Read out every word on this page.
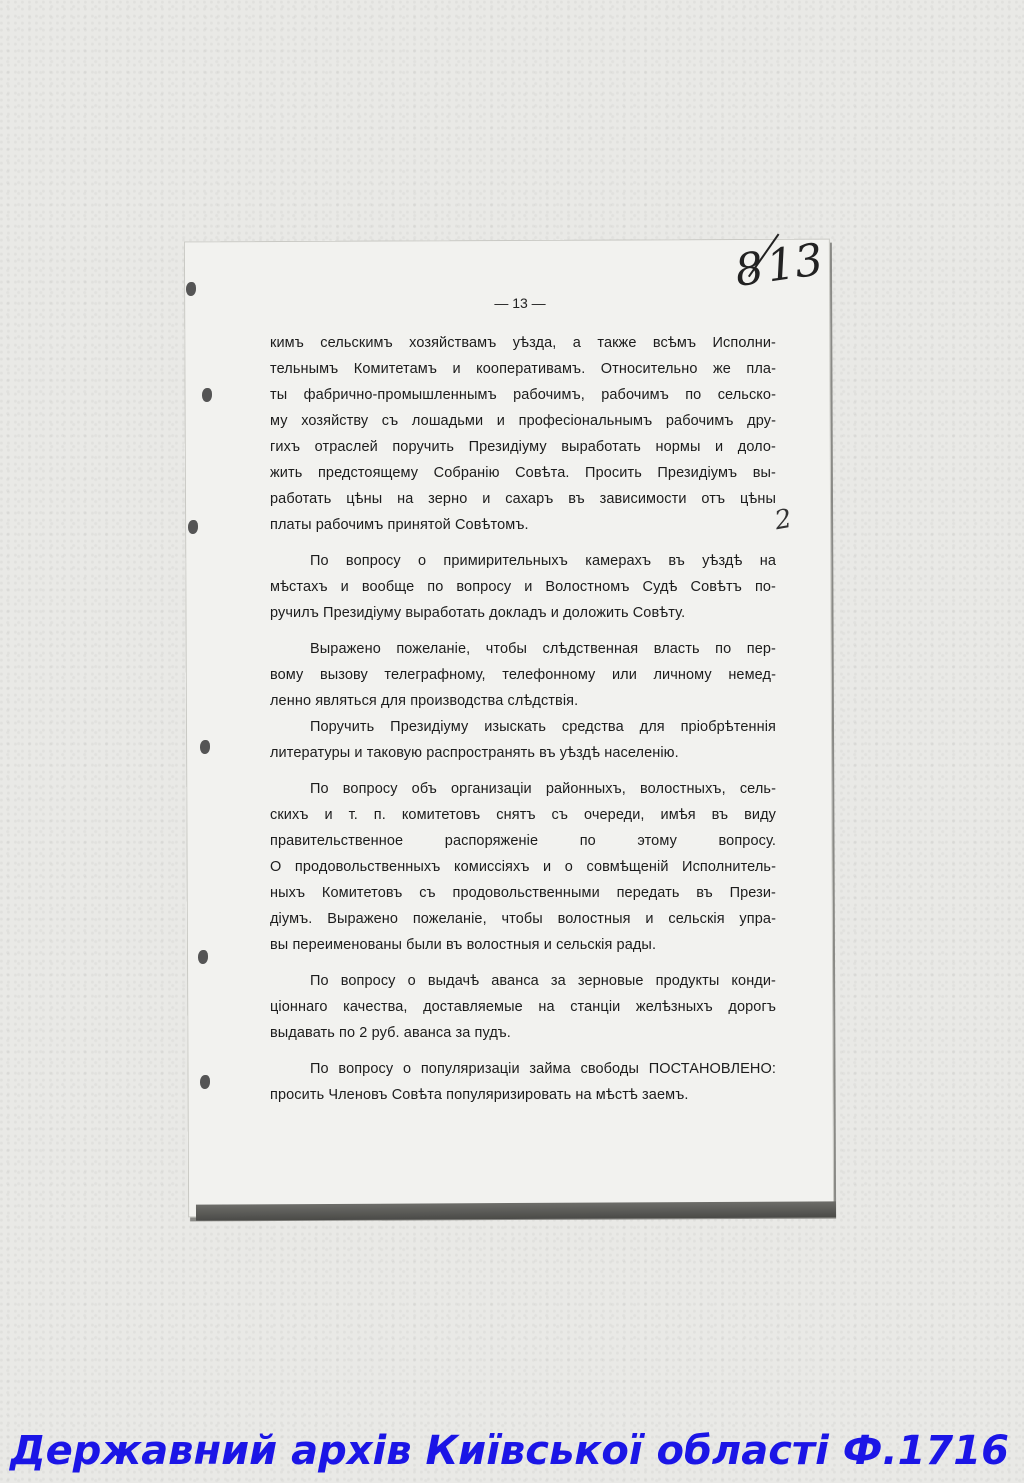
813
2
— 13 —
кимъ сельскимъ хозяйствамъ уѣзда, а также всѣмъ Исполни-
тельнымъ Комитетамъ и кооперативамъ. Относительно же пла-
ты фабрично-промышленнымъ рабочимъ, рабочимъ по сельско-
му хозяйству съ лошадьми и професiональнымъ рабочимъ дру-
гихъ отраслей поручить Президiуму выработать нормы и доло-
жить предстоящему Собранiю Совѣта. Просить Президiумъ вы-
работать цѣны на зерно и сахаръ въ зависимости отъ цѣны
платы рабочимъ принятой Совѣтомъ.
По вопросу о примирительныхъ камерахъ въ уѣздѣ на
мѣстахъ и вообще по вопросу и Волостномъ Судѣ Совѣтъ по-
ручилъ Президiуму выработать докладъ и доложить Совѣту.
Выражено пожеланiе, чтобы слѣдственная власть по пер-
вому вызову телеграфному, телефонному или личному немед-
ленно являться для производства слѣдствiя.
Поручить Президiуму изыскать средства для прiобрѣтеннія
литературы и таковую распространять въ уѣздѣ населенiю.
По вопросу объ организацiи районныхъ, волостныхъ, сель-
скихъ и т. п. комитетовъ снятъ съ очереди, имѣя въ виду
правительственное распоряженiе по этому вопросу.
О продовольственныхъ комиссiяхъ и о совмѣщенiй Исполнитель-
ныхъ Комитетовъ съ продовольственными передать въ Прези-
дiумъ. Выражено пожеланiе, чтобы волостныя и сельскiя упра-
вы переименованы были въ волостныя и сельскiя рады.
По вопросу о выдачѣ аванса за зерновые продукты конди-
цiоннаго качества, доставляемые на станцiи желѣзныхъ дорогъ
выдавать по 2 руб. аванса за пудъ.
По вопросу о популяризацiи займа свободы ПОСТАНОВЛЕНО:
просить Членовъ Совѣта популяризировать на мѣстѣ заемъ.
Державний архів Київської області Ф.1716
